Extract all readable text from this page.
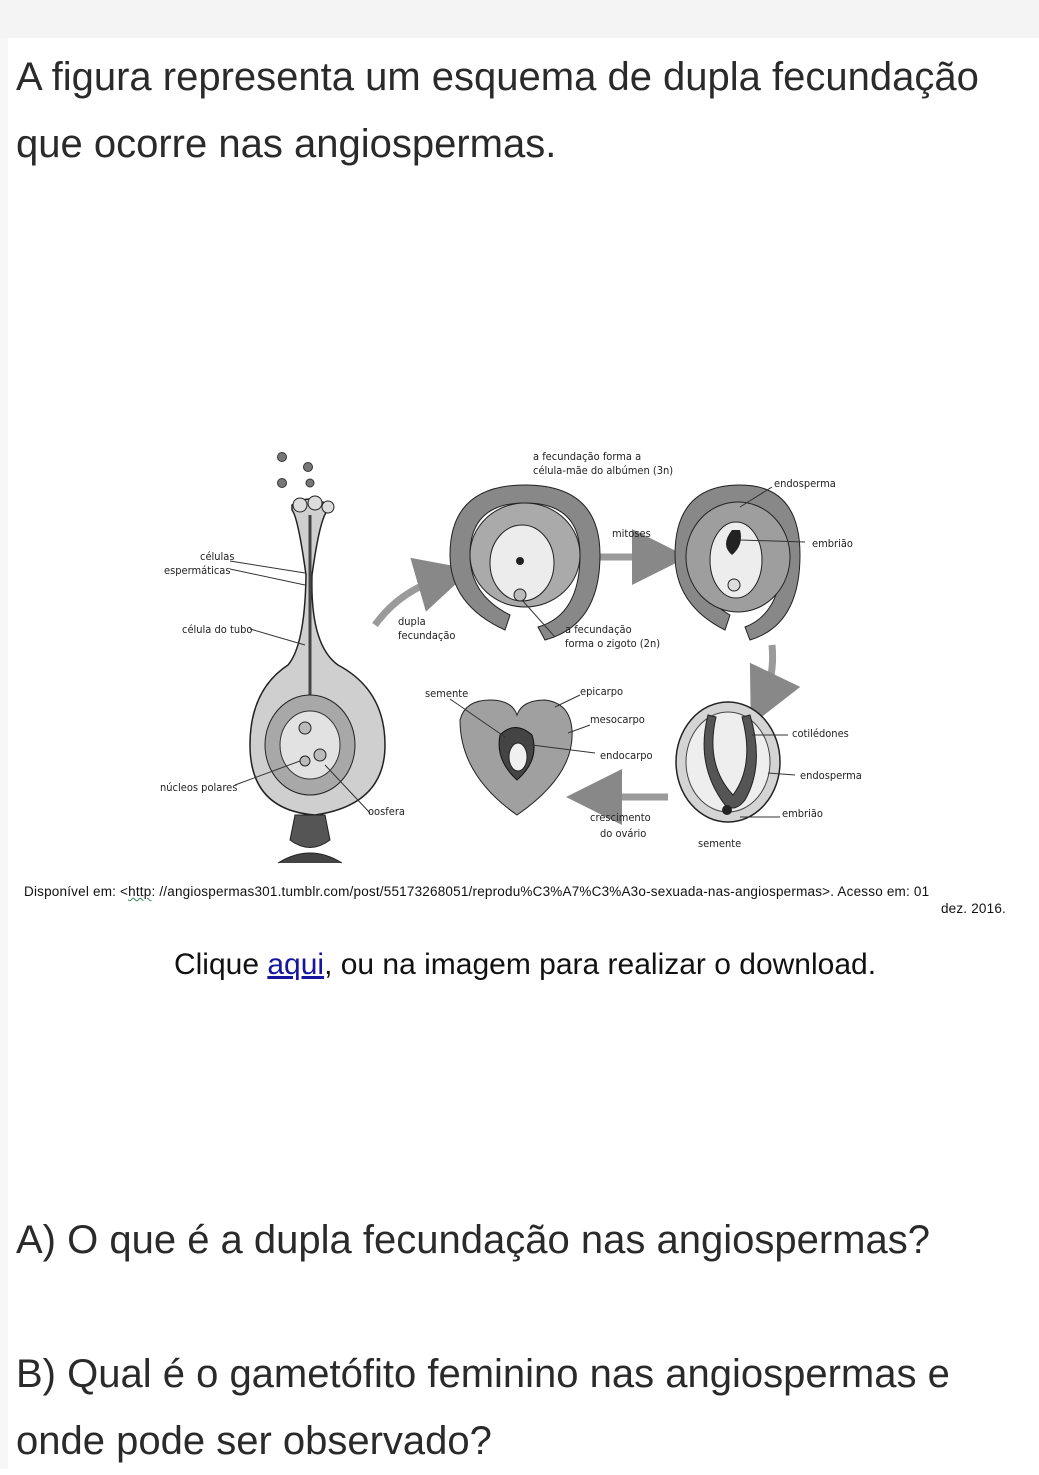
A figura representa um esquema de dupla fecundação que ocorre nas angiospermas.

células
espermáticas
célula do tubo
núcleos polares
oosfera
dupla
fecundação
a fecundação forma a
célula-mãe do albúmen (3n)
mitoses
a fecundação
forma o zigoto (2n)
endosperma
embrião
semente	epicarpo
mesocarpo
endocarpo
crescimento
do ovário
cotilédones
endosperma
embrião
semente
Disponível em: <http: //angiospermas301.tumblr.com/post/55173268051/reprodu%C3%A7%C3%A3o-sexuada-nas-angiospermas>. Acesso em: 01
dez. 2016.
Clique aqui, ou na imagem para realizar o download.

A) O que é a dupla fecundação nas angiospermas?

B) Qual é o gametófito feminino nas angiospermas e onde pode ser observado?
